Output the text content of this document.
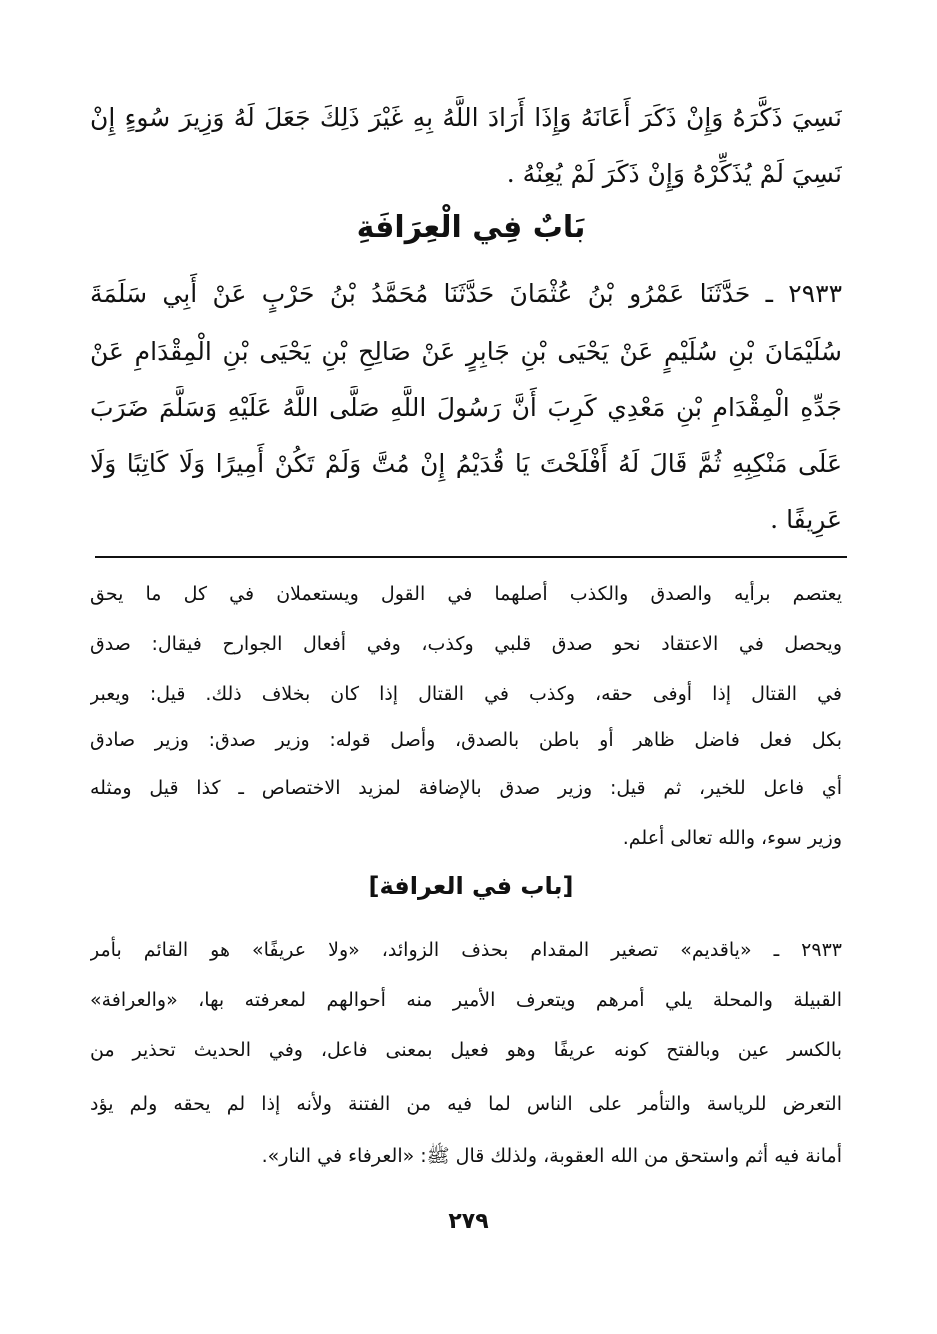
نَسِيَ ذَكَّرَهُ وَإِنْ ذَكَرَ أَعَانَهُ وَإِذَا أَرَادَ اللَّهُ بِهِ غَيْرَ ذَلِكَ جَعَلَ لَهُ وَزِيرَ سُوءٍ إِنْ
نَسِيَ لَمْ يُذَكِّرْهُ وَإِنْ ذَكَرَ لَمْ يُعِنْهُ .
بَابٌ فِي الْعِرَافَةِ
٢٩٣٣ ـ حَدَّثَنَا عَمْرُو بْنُ عُثْمَانَ حَدَّثَنَا مُحَمَّدُ بْنُ حَرْبٍ عَنْ أَبِي سَلَمَةَ
سُلَيْمَانَ بْنِ سُلَيْمٍ عَنْ يَحْيَى بْنِ جَابِرٍ عَنْ صَالِحِ بْنِ يَحْيَى بْنِ الْمِقْدَامِ عَنْ
جَدِّهِ الْمِقْدَامِ بْنِ مَعْدِي كَرِبَ أَنَّ رَسُولَ اللَّهِ صَلَّى اللَّهُ عَلَيْهِ وَسَلَّمَ ضَرَبَ
عَلَى مَنْكِبِهِ ثُمَّ قَالَ لَهُ أَفْلَحْتَ يَا قُدَيْمُ إِنْ مُتَّ وَلَمْ تَكُنْ أَمِيرًا وَلَا كَاتِبًا وَلَا
عَرِيفًا .
يعتصم برأيه والصدق والكذب أصلهما في القول ويستعملان في كل ما يحق
ويحصل في الاعتقاد نحو صدق قلبي وكذب، وفي أفعال الجوارح فيقال: صدق
في القتال إذا أوفى حقه، وكذب في القتال إذا كان بخلاف ذلك. قيل: ويعبر
بكل فعل فاضل ظاهر أو باطن بالصدق، وأصل قوله: وزير صدق: وزير صادق
أي فاعل للخير، ثم قيل: وزير صدق بالإضافة لمزيد الاختصاص ـ كذا قيل ومثله
وزير سوء، والله تعالى أعلم.
[باب في العرافة]
٢٩٣٣ ـ «ياقديم» تصغير المقدام بحذف الزوائد، «ولا عريفًا» هو القائم بأمر
القبيلة والمحلة يلي أمرهم ويتعرف الأمير منه أحوالهم لمعرفته بها، «والعرافة»
بالكسر عين وبالفتح كونه عريفًا وهو فعيل بمعنى فاعل، وفي الحديث تحذير من
التعرض للرياسة والتأمر على الناس لما فيه من الفتنة ولأنه إذا لم يحقه ولم يؤد
أمانة فيه أثم واستحق من الله العقوبة، ولذلك قال ﷺ: «العرفاء في النار».
٢٧٩
